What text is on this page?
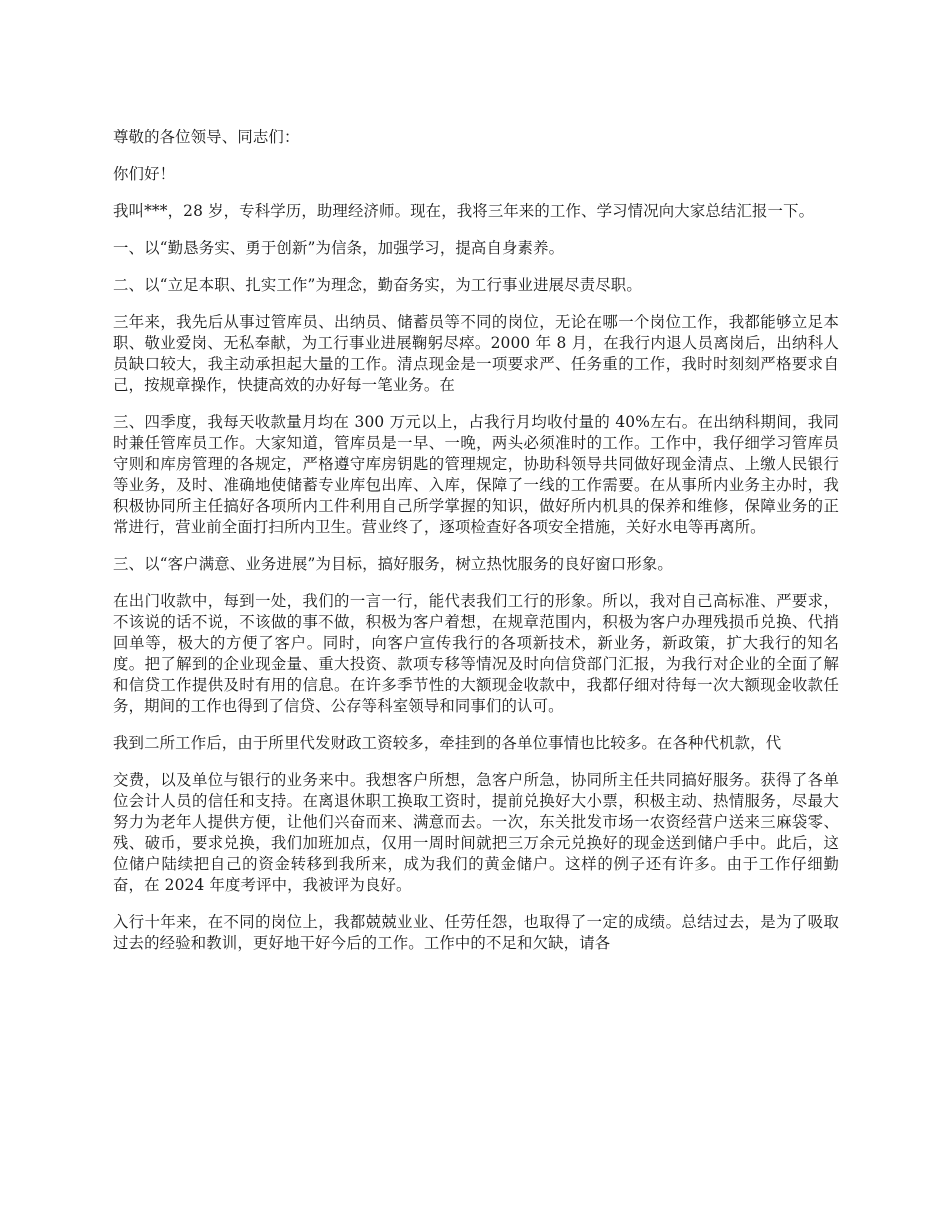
尊敬的各位领导、同志们：

你们好！

我叫***，28 岁，专科学历，助理经济师。现在，我将三年来的工作、学习情况向大家总结汇报一下。

一、以“勤恳务实、勇于创新”为信条，加强学习，提高自身素养。

二、以“立足本职、扎实工作”为理念，勤奋务实，为工行事业进展尽责尽职。

三年来，我先后从事过管库员、出纳员、储蓄员等不同的岗位，无论在哪一个岗位工作，我都能够立足本职、敬业爱岗、无私奉献，为工行事业进展鞠躬尽瘁。2000 年 8 月，在我行内退人员离岗后，出纳科人员缺口较大，我主动承担起大量的工作。清点现金是一项要求严、任务重的工作，我时时刻刻严格要求自己，按规章操作，快捷高效的办好每一笔业务。在

三、四季度，我每天收款量月均在 300 万元以上，占我行月均收付量的 40%左右。在出纳科期间，我同时兼任管库员工作。大家知道，管库员是一早、一晚，两头必须准时的工作。工作中，我仔细学习管库员守则和库房管理的各规定，严格遵守库房钥匙的管理规定，协助科领导共同做好现金清点、上缴人民银行等业务，及时、准确地使储蓄专业库包出库、入库，保障了一线的工作需要。在从事所内业务主办时，我积极协同所主任搞好各项所内工件利用自己所学掌握的知识，做好所内机具的保养和维修，保障业务的正常进行，营业前全面打扫所内卫生。营业终了，逐项检查好各项安全措施，关好水电等再离所。

三、以“客户满意、业务进展”为目标，搞好服务，树立热忱服务的良好窗口形象。

在出门收款中，每到一处，我们的一言一行，能代表我们工行的形象。所以，我对自己高标准、严要求，不该说的话不说，不该做的事不做，积极为客户着想，在规章范围内，积极为客户办理残损币兑换、代捎回单等，极大的方便了客户。同时，向客户宣传我行的各项新技术，新业务，新政策，扩大我行的知名度。把了解到的企业现金量、重大投资、款项专移等情况及时向信贷部门汇报，为我行对企业的全面了解和信贷工作提供及时有用的信息。在许多季节性的大额现金收款中，我都仔细对待每一次大额现金收款任务，期间的工作也得到了信贷、公存等科室领导和同事们的认可。

我到二所工作后，由于所里代发财政工资较多，牵挂到的各单位事情也比较多。在各种代机款，代

交费，以及单位与银行的业务来中。我想客户所想，急客户所急，协同所主任共同搞好服务。获得了各单位会计人员的信任和支持。在离退休职工换取工资时，提前兑换好大小票，积极主动、热情服务，尽最大努力为老年人提供方便，让他们兴奋而来、满意而去。一次，东关批发市场一农资经营户送来三麻袋零、残、破币，要求兑换，我们加班加点，仅用一周时间就把三万余元兑换好的现金送到储户手中。此后，这位储户陆续把自己的资金转移到我所来，成为我们的黄金储户。这样的例子还有许多。由于工作仔细勤奋，在 2024 年度考评中，我被评为良好。

入行十年来，在不同的岗位上，我都兢兢业业、任劳任怨，也取得了一定的成绩。总结过去，是为了吸取过去的经验和教训，更好地干好今后的工作。工作中的不足和欠缺，请各
